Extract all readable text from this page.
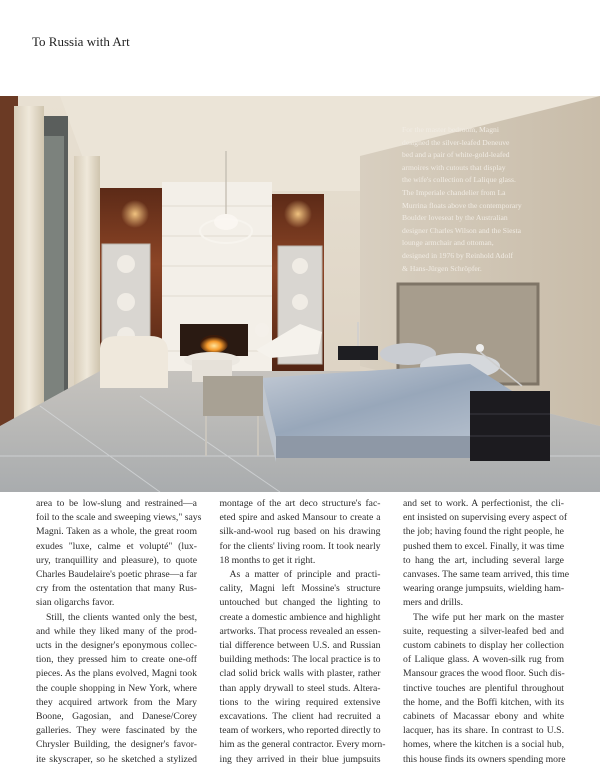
To Russia with Art
For the master bedroom, Magni designed the silver-leafed Deneuve bed and a pair of white-gold-leafed armoires with cutouts that display the wife's collection of Lalique glass. The Imperiale chandelier from La Murrina floats above the contemporary Boulder loveseat by the Australian designer Charles Wilson and the Siesta lounge armchair and ottoman, designed in 1976 by Reinhold Adolf & Hans-Jürgen Schröpfer.
area to be low-slung and restrained—a
foil to the scale and sweeping views," says
Magni. Taken as a whole, the great room
exudes "luxe, calme et volupté" (lux-
ury, tranquillity and pleasure), to quote
Charles Baudelaire's poetic phrase—a far
cry from the ostentation that many Rus-
sian oligarchs favor.
Still, the clients wanted only the best,
and while they liked many of the prod-
ucts in the designer's eponymous collec-
tion, they pressed him to create one-off
pieces. As the plans evolved, Magni took
the couple shopping in New York, where
they acquired artwork from the Mary
Boone, Gagosian, and Danese/Corey
galleries. They were fascinated by the
Chrysler Building, the designer's favor-
ite skyscraper, so he sketched a stylized
montage of the art deco structure's fac-
eted spire and asked Mansour to create a
silk-and-wool rug based on his drawing
for the clients' living room. It took nearly
18 months to get it right.
As a matter of principle and practi-
cality, Magni left Mossine's structure
untouched but changed the lighting to
create a domestic ambience and highlight
artworks. That process revealed an essen-
tial difference between U.S. and Russian
building methods: The local practice is to
clad solid brick walls with plaster, rather
than apply drywall to steel studs. Altera-
tions to the wiring required extensive
excavations. The client had recruited a
team of workers, who reported directly to
him as the general contractor. Every morn-
ing they arrived in their blue jumpsuits
and set to work. A perfectionist, the cli-
ent insisted on supervising every aspect of
the job; having found the right people, he
pushed them to excel. Finally, it was time
to hang the art, including several large
canvases. The same team arrived, this time
wearing orange jumpsuits, wielding ham-
mers and drills.
The wife put her mark on the master
suite, requesting a silver-leafed bed and
custom cabinets to display her collection
of Lalique glass. A woven-silk rug from
Mansour graces the wood floor. Such dis-
tinctive touches are plentiful throughout
the home, and the Boffi kitchen, with its
cabinets of Macassar ebony and white
lacquer, has its share. In contrast to U.S.
homes, where the kitchen is a social hub,
this house finds its owners spending more
